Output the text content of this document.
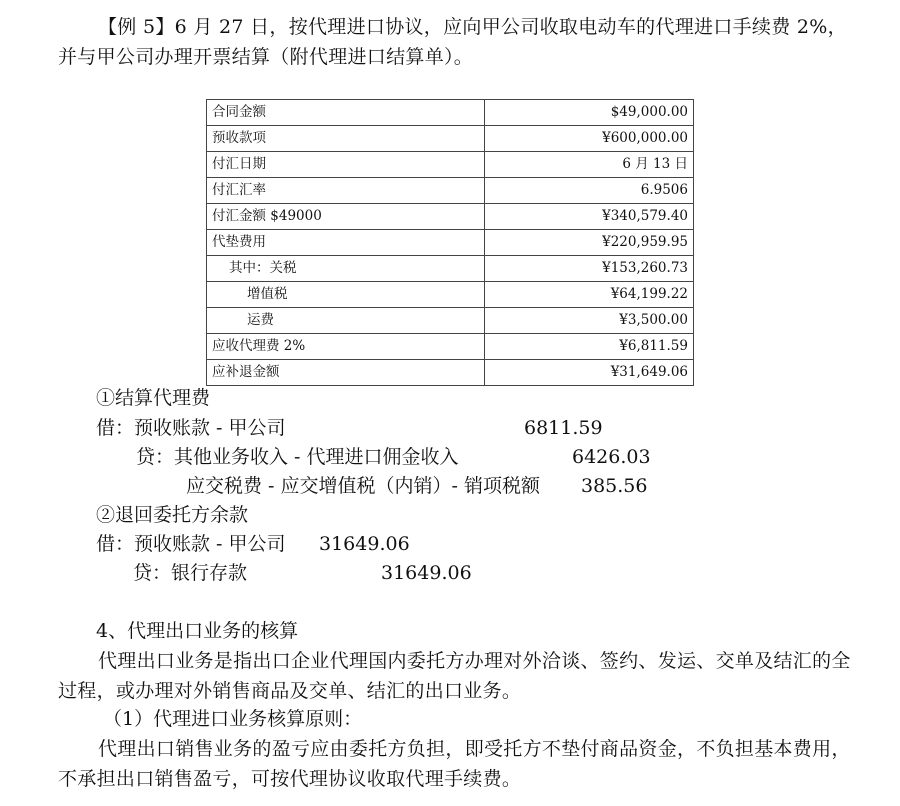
【例 5】6 月 27 日，按代理进口协议，应向甲公司收取电动车的代理进口手续费 2%，并与甲公司办理开票结算（附代理进口结算单）。

合同金额	$49,000.00
预收款项	¥600,000.00
付汇日期	6 月 13 日
付汇汇率	6.9506
付汇金额 $49000	¥340,579.40
代垫费用	¥220,959.95
其中：关税	¥153,260.73
增值税	¥64,199.22
运费	¥3,500.00
应收代理费 2%	¥6,811.59
应补退金额	¥31,649.06

①结算代理费

借：预收账款 - 甲公司	6811.59

贷：其他业务收入 - 代理进口佣金收入	6426.03

应交税费 - 应交增值税（内销）- 销项税额 385.56

②退回委托方余款

借：预收账款 - 甲公司 31649.06

贷：银行存款	31649.06

4、代理出口业务的核算

代理出口业务是指出口企业代理国内委托方办理对外洽谈、签约、发运、交单及结汇的全过程，或办理对外销售商品及交单、结汇的出口业务。

（1）代理进口业务核算原则：

代理出口销售业务的盈亏应由委托方负担，即受托方不垫付商品资金，不负担基本费用，不承担出口销售盈亏，可按代理协议收取代理手续费。
